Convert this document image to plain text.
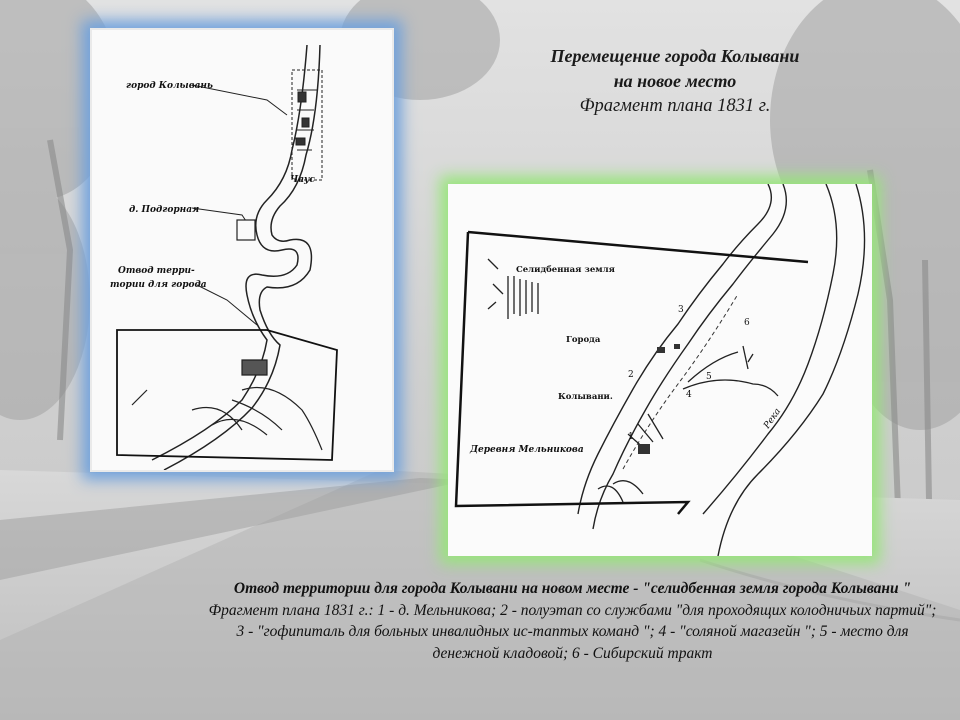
Перемещение города Колывани
на новое место
Фрагмент плана 1831 г.
город Колывань
Чаус
д. Подгорная
Отвод терри-
тории для города
Селидбенная земля
Города
Колывани.
Деревня Мельникова
Река
1
2
3
4
5
6
Отвод территории для города Колывани на новом месте - "селидбенная земля города Колывани " Фрагмент плана 1831 г.: 1 - д. Мельникова; 2 - полуэтап со службами "для проходящих колодничьих партий"; 3 - "гофипиталь для больных инвалидных ис-таптых команд "; 4 - "соляной магазейн "; 5 - место для денежной кладовой; 6 - Сибирский тракт
